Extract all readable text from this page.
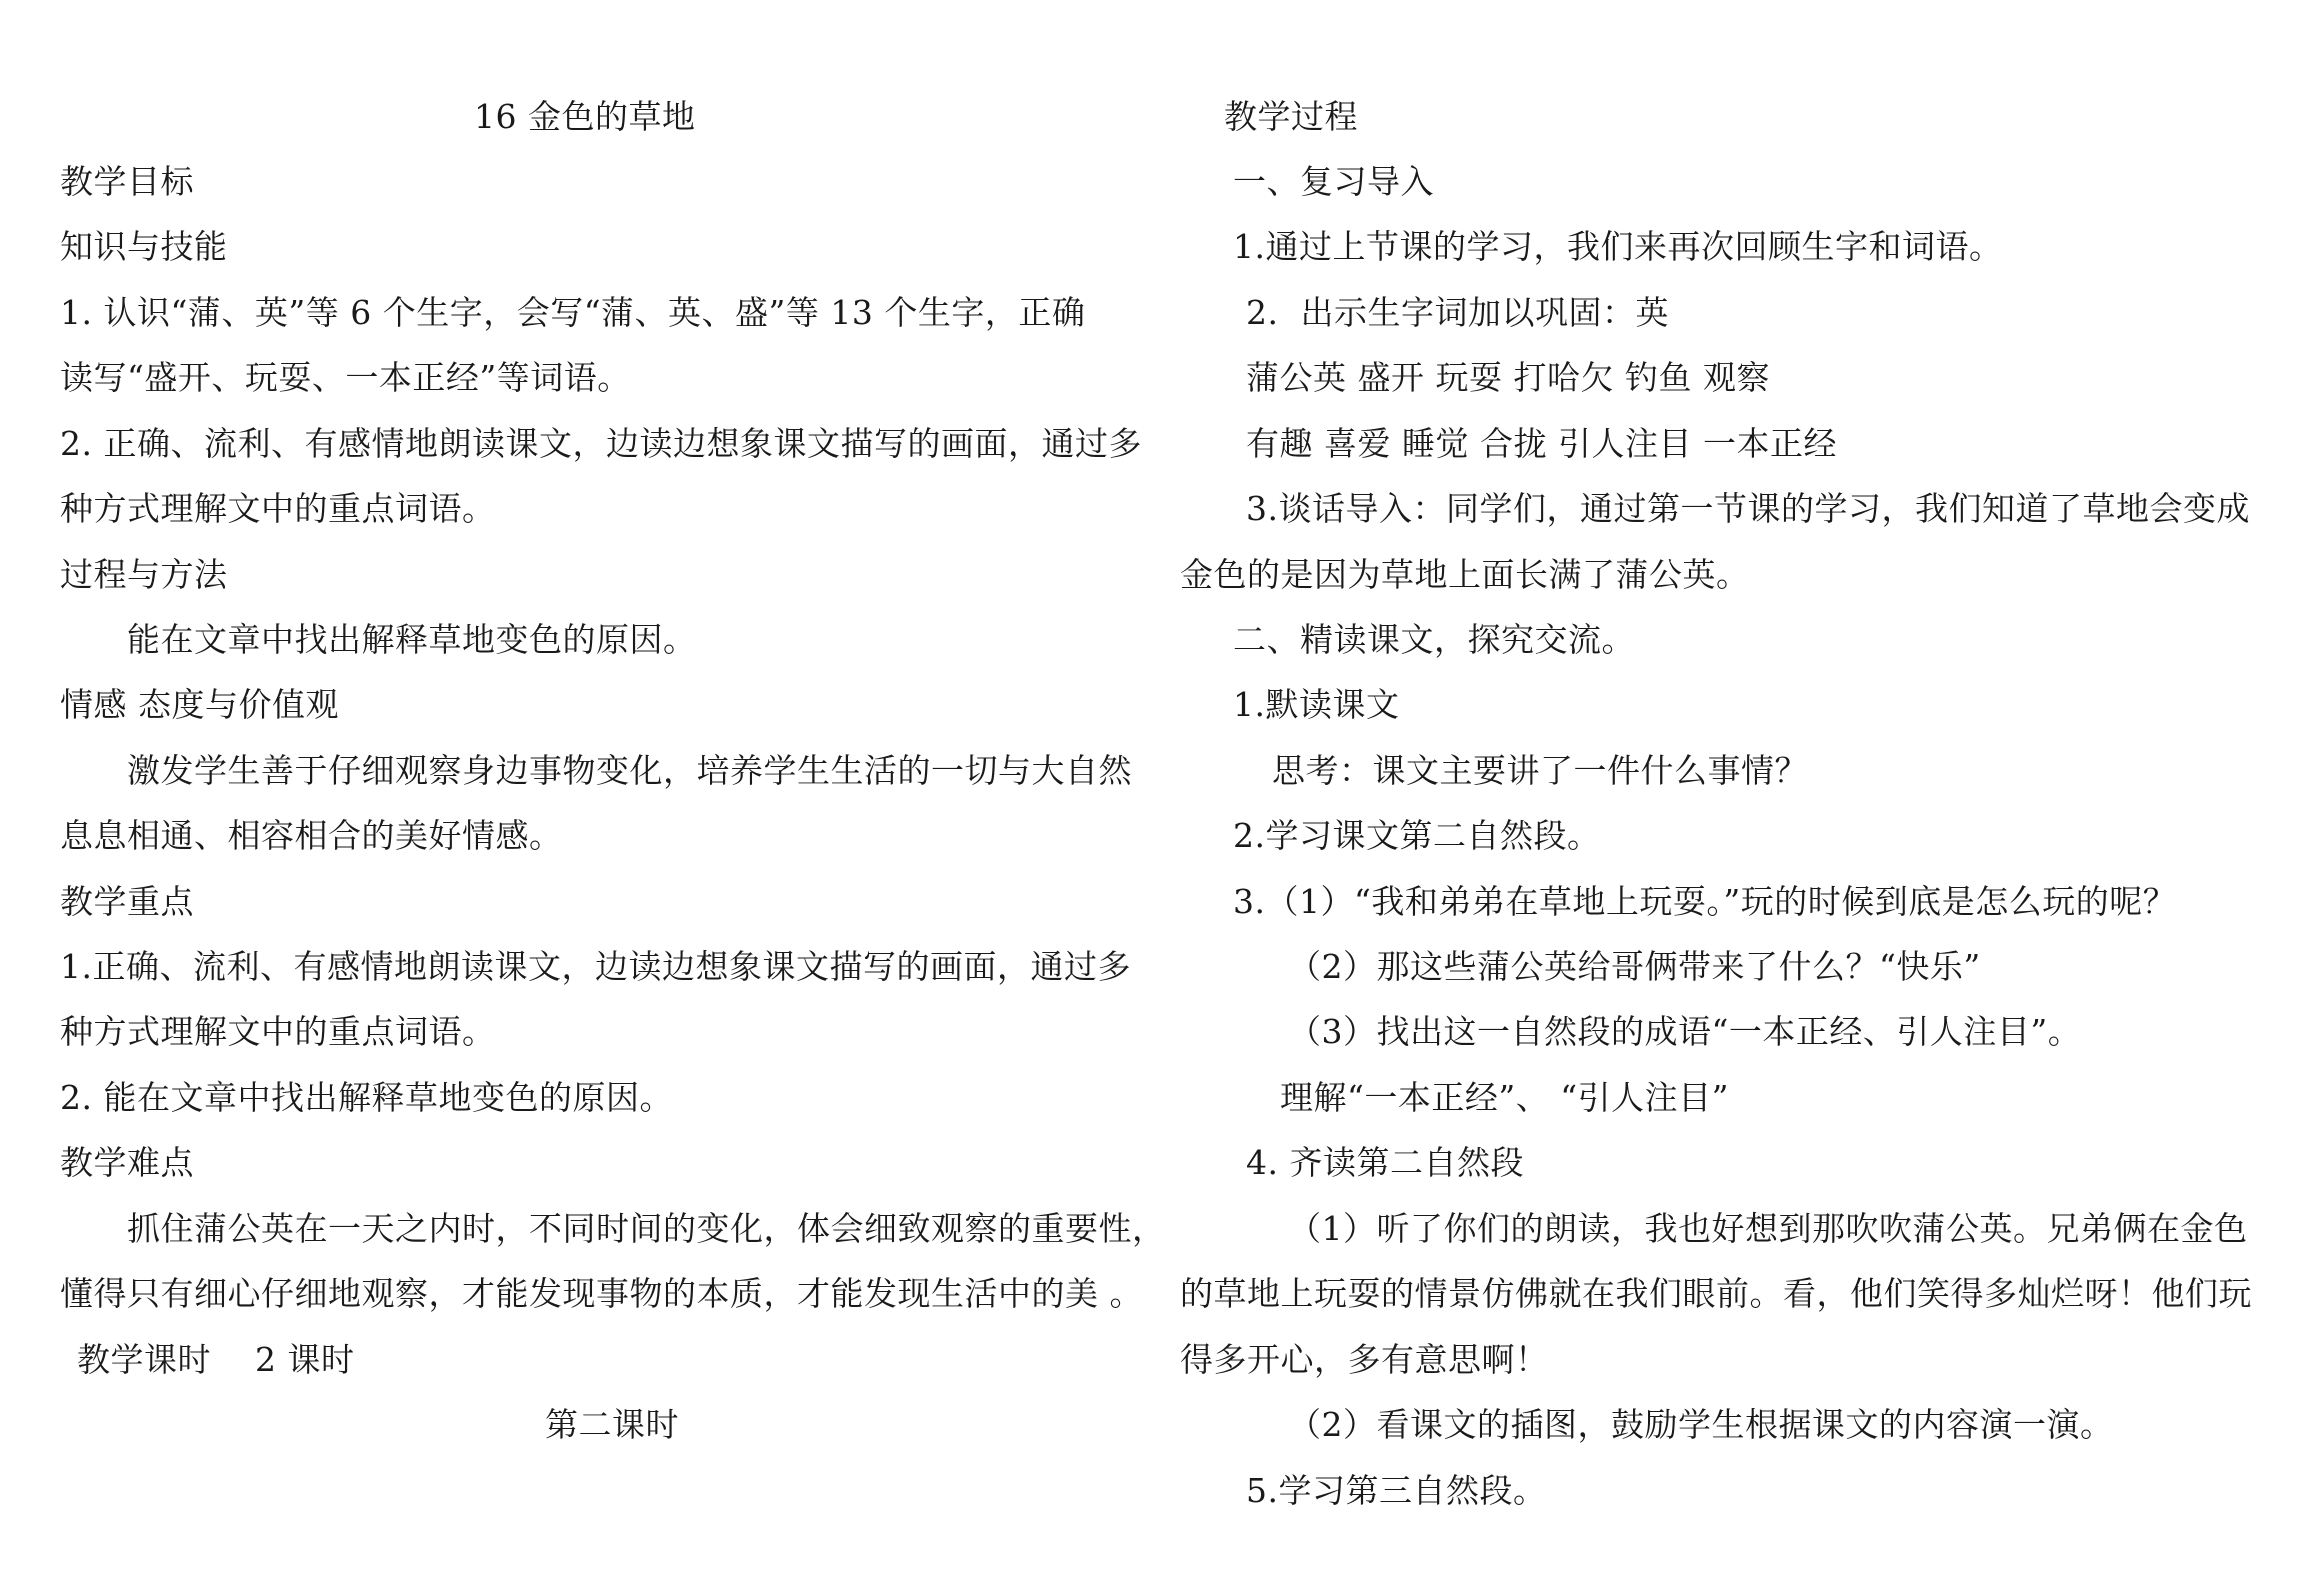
16 金色的草地
教学目标
知识与技能
1. 认识“蒲、英”等 6 个生字，会写“蒲、英、盛”等 13 个生字，正确
读写“盛开、玩耍、一本正经”等词语。
2. 正确、流利、有感情地朗读课文，边读边想象课文描写的画面，通过多
种方式理解文中的重点词语。
过程与方法
能在文章中找出解释草地变色的原因。
情感 态度与价值观
激发学生善于仔细观察身边事物变化，培养学生生活的一切与大自然
息息相通、相容相合的美好情感。
教学重点
1.正确、流利、有感情地朗读课文，边读边想象课文描写的画面，通过多
种方式理解文中的重点词语。
2. 能在文章中找出解释草地变色的原因。
教学难点
抓住蒲公英在一天之内时，不同时间的变化，体会细致观察的重要性，
懂得只有细心仔细地观察，才能发现事物的本质，才能发现生活中的美 。
教学课时    2 课时
第二课时
教学过程
一、复习导入
1.通过上节课的学习，我们来再次回顾生字和词语。
2.  出示生字词加以巩固：英
蒲公英 盛开 玩耍 打哈欠 钓鱼 观察
有趣 喜爱 睡觉 合拢 引人注目 一本正经
3.谈话导入：同学们，通过第一节课的学习，我们知道了草地会变成
金色的是因为草地上面长满了蒲公英。
二、精读课文，探究交流。
1.默读课文
思考：课文主要讲了一件什么事情？
2.学习课文第二自然段。
3.（1）“我和弟弟在草地上玩耍。”玩的时候到底是怎么玩的呢？
（2）那这些蒲公英给哥俩带来了什么？“快乐”
（3）找出这一自然段的成语“一本正经、引人注目”。
理解“一本正经”、 “引人注目”
4. 齐读第二自然段
（1）听了你们的朗读，我也好想到那吹吹蒲公英。兄弟俩在金色
的草地上玩耍的情景仿佛就在我们眼前。看，他们笑得多灿烂呀！他们玩
得多开心，多有意思啊！
（2）看课文的插图，鼓励学生根据课文的内容演一演。
5.学习第三自然段。
